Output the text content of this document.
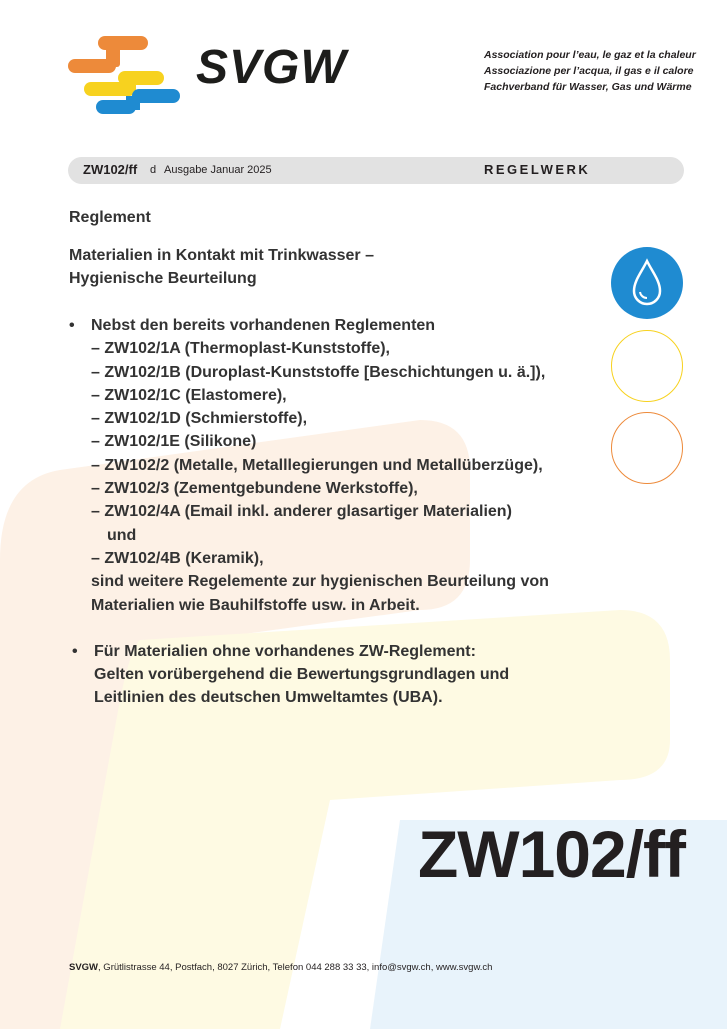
SVGW	Association pour l’eau, le gaz et la chaleur
Associazione per l’acqua, il gas e il calore
Fachverband für Wasser, Gas und Wärme
ZW102/ff d Ausgabe Januar 2025	REGELWERK
Reglement
Materialien in Kontakt mit Trinkwasser –
Hygienische Beurteilung
• Nebst den bereits vorhandenen Reglementen
– ZW102/1A (Thermoplast-Kunststoffe),
– ZW102/1B (Duroplast-Kunststoffe [Beschichtungen u. ä.]),
– ZW102/1C (Elastomere),
– ZW102/1D (Schmierstoffe),
– ZW102/1E (Silikone)
– ZW102/2 (Metalle, Metalllegierungen und Metallüberzüge),
– ZW102/3 (Zementgebundene Werkstoffe),
– ZW102/4A (Email inkl. anderer glasartiger Materialien)
und
– ZW102/4B (Keramik),
sind weitere Regelemente zur hygienischen Beurteilung von
Materialien wie Bauhilfstoffe usw. in Arbeit.
• Für Materialien ohne vorhandenes ZW-Reglement:
Gelten vorübergehend die Bewertungsgrundlagen und
Leitlinien des deutschen Umweltamtes (UBA).
ZW102/ff
SVGW, Grütlistrasse 44, Postfach, 8027 Zürich, Telefon 044 288 33 33, info@svgw.ch, www.svgw.ch
